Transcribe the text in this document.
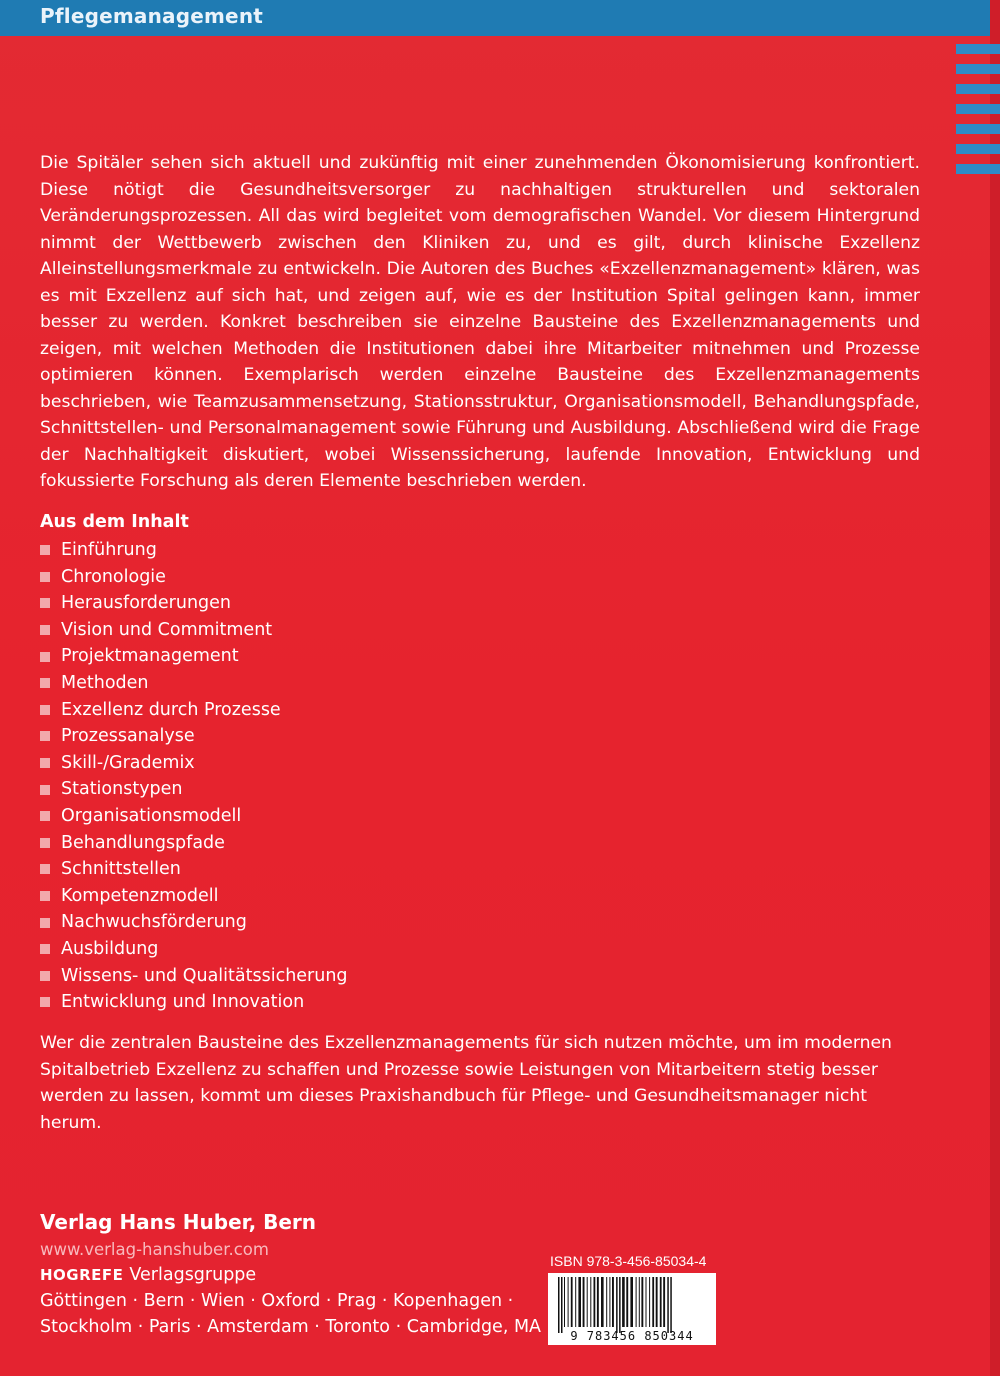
Pflegemanagement

Die Spitäler sehen sich aktuell und zukünftig mit einer zunehmenden Ökonomisierung konfrontiert. Diese nötigt die Gesundheitsversorger zu nachhaltigen strukturellen und sektoralen Veränderungsprozessen. All das wird begleitet vom demografischen Wandel. Vor diesem Hintergrund nimmt der Wettbewerb zwischen den Kliniken zu, und es gilt, durch klinische Exzellenz Alleinstellungsmerkmale zu entwickeln. Die Autoren des Buches «Exzellenzmanagement» klären, was es mit Exzellenz auf sich hat, und zeigen auf, wie es der Institution Spital gelingen kann, immer besser zu werden. Konkret beschreiben sie einzelne Bausteine des Exzellenzmanagements und zeigen, mit welchen Methoden die Institutionen dabei ihre Mitarbeiter mitnehmen und Prozesse optimieren können. Exemplarisch werden einzelne Bausteine des Exzellenzmanagements beschrieben, wie Teamzusammensetzung, Stationsstruktur, Organisationsmodell, Behandlungspfade, Schnittstellen- und Personalmanagement sowie Führung und Ausbildung. Abschließend wird die Frage der Nachhaltigkeit diskutiert, wobei Wissenssicherung, laufende Innovation, Entwicklung und fokussierte Forschung als deren Elemente beschrieben werden.

Aus dem Inhalt
Einführung
Chronologie
Herausforderungen
Vision und Commitment
Projektmanagement
Methoden
Exzellenz durch Prozesse
Prozessanalyse
Skill-/Grademix
Stationstypen
Organisationsmodell
Behandlungspfade
Schnittstellen
Kompetenzmodell
Nachwuchsförderung
Ausbildung
Wissens- und Qualitätssicherung
Entwicklung und Innovation
Wer die zentralen Bausteine des Exzellenzmanagements für sich nutzen möchte, um im modernen Spitalbetrieb Exzellenz zu schaffen und Prozesse sowie Leistungen von Mitarbeitern stetig besser werden zu lassen, kommt um dieses Praxishandbuch für Pflege- und Gesundheitsmanager nicht herum.
Verlag Hans Huber, Bern
www.verlag-hanshuber.com
HOGREFE Verlagsgruppe
Göttingen · Bern · Wien · Oxford · Prag · Kopenhagen ·
Stockholm · Paris · Amsterdam · Toronto · Cambridge, MA
ISBN 978-3-456-85034-4
9 783456 850344
